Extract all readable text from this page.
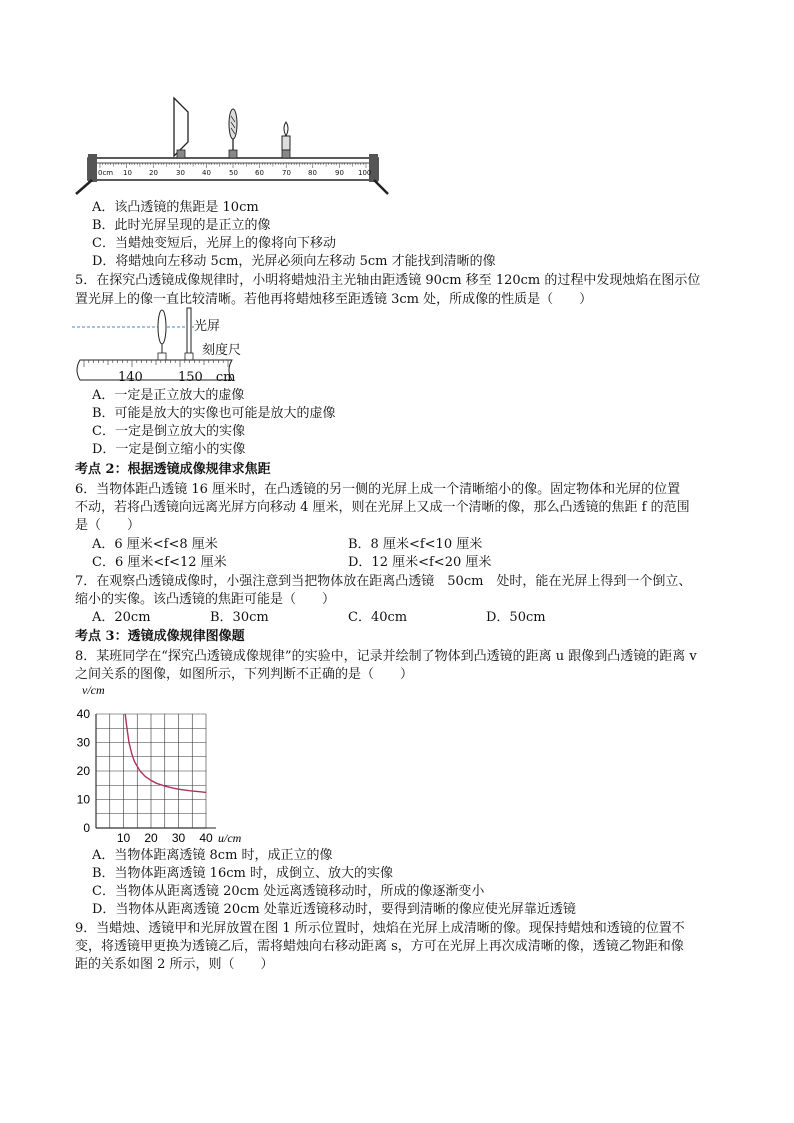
0cm 10 20	30 40	50 60	70 80	90 100
A．该凸透镜的焦距是 10cm
B．此时光屏呈现的是正立的像
C．当蜡烛变短后，光屏上的像将向下移动
D．将蜡烛向左移动 5cm，光屏必须向左移动 5cm 才能找到清晰的像
5．在探究凸透镜成像规律时，小明将蜡烛沿主光轴由距透镜 90cm 移至 120cm 的过程中发现烛焰在图示位
置光屏上的像一直比较清晰。若他再将蜡烛移至距透镜 3cm 处，所成像的性质是（　　）
光屏
刻度尺
140	150　cm
A．一定是正立放大的虚像
B．可能是放大的实像也可能是放大的虚像
C．一定是倒立放大的实像
D．一定是倒立缩小的实像
考点 2：根据透镜成像规律求焦距
6．当物体距凸透镜 16 厘米时，在凸透镜的另一侧的光屏上成一个清晰缩小的像。固定物体和光屏的位置
不动，若将凸透镜向远离光屏方向移动 4 厘米，则在光屏上又成一个清晰的像，那么凸透镜的焦距 f 的范围
是（　　）
A．6 厘米<f<8 厘米	B．8 厘米<f<10 厘米
C．6 厘米<f<12 厘米	D．12 厘米<f<20 厘米
7．在观察凸透镜成像时，小强注意到当把物体放在距离凸透镜　50cm　处时，能在光屏上得到一个倒立、
缩小的实像。该凸透镜的焦距可能是（　　）
A．20cm	B．30cm	C．40cm	D．50cm
考点 3：透镜成像规律图像题
8．某班同学在“探究凸透镜成像规律”的实验中，记录并绘制了物体到凸透镜的距离 u 跟像到凸透镜的距离 v
之间关系的图像，如图所示，下列判断不正确的是（　　）
10 20 30 40
0
10
20
30
40
v/cm
u/cm
A．当物体距离透镜 8cm 时，成正立的像
B．当物体距离透镜 16cm 时，成倒立、放大的实像
C．当物体从距离透镜 20cm 处远离透镜移动时，所成的像逐渐变小
D．当物体从距离透镜 20cm 处靠近透镜移动时，要得到清晰的像应使光屏靠近透镜
9．当蜡烛、透镜甲和光屏放置在图 1 所示位置时，烛焰在光屏上成清晰的像。现保持蜡烛和透镜的位置不
变，将透镜甲更换为透镜乙后，需将蜡烛向右移动距离 s，方可在光屏上再次成清晰的像，透镜乙物距和像
距的关系如图 2 所示，则（　　）
